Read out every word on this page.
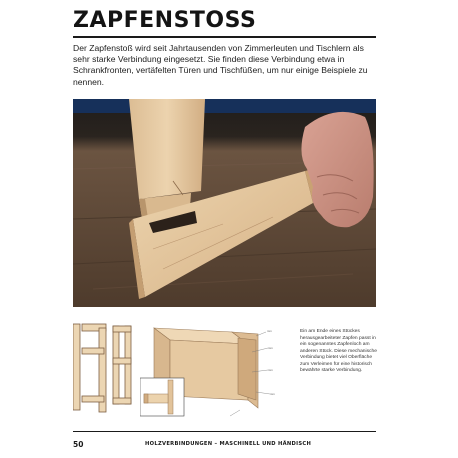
ZAPFENSTOSS

Der Zapfenstoß wird seit Jahrtausenden von Zimmerleuten und Tischlern als sehr starke Verbindung eingesetzt. Sie finden diese Verbindung etwa in Schrankfronten, vertäfelten Türen und Tischfüßen, um nur einige Beispiele zu nennen.

mm
mm
mm
mm

Ein am Ende eines Stückes herausgearbeiteter Zapfen passt in ein sogenanntes Zapfenloch am anderen Stück. Diese mechanische Verbindung bietet viel Oberfläche zum Verleimen für eine historisch bewährte starke Verbindung.

50	HOLZVERBINDUNGEN – MASCHINELL UND HÄNDISCH
